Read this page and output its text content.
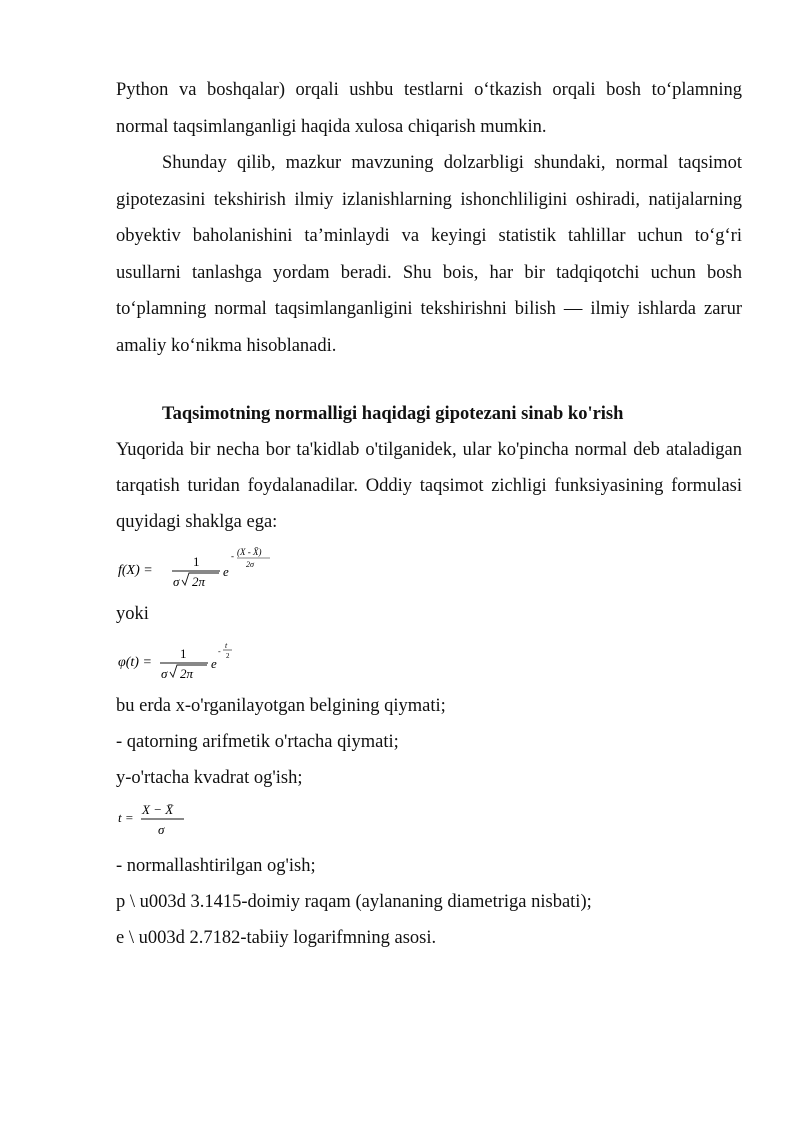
Python va boshqalar) orqali ushbu testlarni o‘tkazish orqali bosh to‘plamning normal taqsimlanganligi haqida xulosa chiqarish mumkin.

Shunday qilib, mazkur mavzuning dolzarbligi shundaki, normal taqsimot gipotezasini tekshirish ilmiy izlanishlarning ishonchliligini oshiradi, natijalarning obyektiv baholanishini ta’minlaydi va keyingi statistik tahlillar uchun to‘g‘ri usullarni tanlashga yordam beradi. Shu bois, har bir tadqiqotchi uchun bosh to‘plamning normal taqsimlanganligini tekshirishni bilish — ilmiy ishlarda zarur amaliy ko‘nikma hisoblanadi.

Taqsimotning normalligi haqidagi gipotezani sinab ko'rish

Yuqorida bir necha bor ta'kidlab o'tilganidek, ular ko'pincha normal deb ataladigan tarqatish turidan foydalanadilar. Oddiy taqsimot zichligi funksiyasining formulasi quyidagi shaklga ega:

f(X) =
1
σ 2π
e
- (X - X̄)
2σ

yoki

φ(t) =
1
σ 2π
e
-
t
2

bu erda x-o'rganilayotgan belgining qiymati;

- qatorning arifmetik o'rtacha qiymati;

y-o'rtacha kvadrat og'ish;

t =
X − X̄
σ

- normallashtirilgan og'ish;

p \ u003d 3.1415-doimiy raqam (aylananing diametriga nisbati);

e \ u003d 2.7182-tabiiy logarifmning asosi.
